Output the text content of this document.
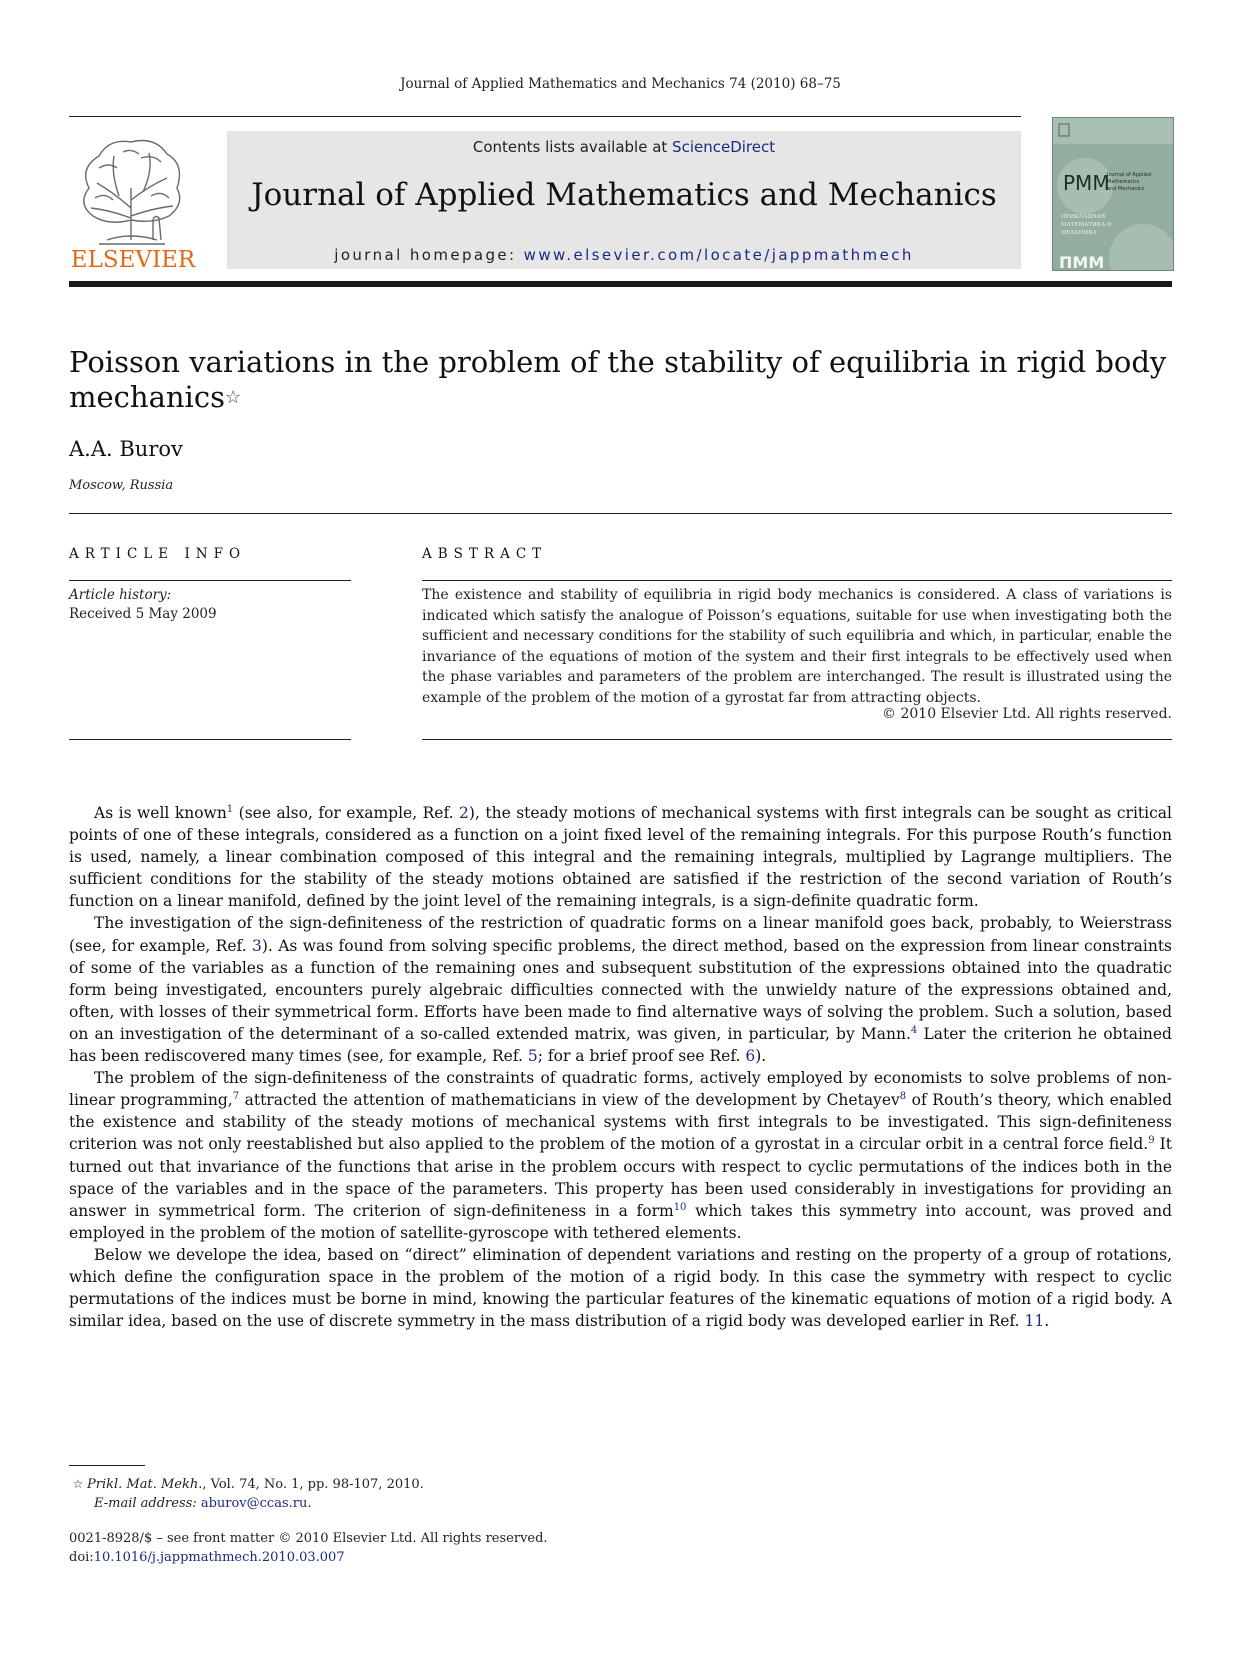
Journal of Applied Mathematics and Mechanics 74 (2010) 68–75
ELSEVIER
Contents lists available at ScienceDirect
Journal of Applied Mathematics and Mechanics
journal homepage: www.elsevier.com/locate/jappmathmech
PMM
Journal of Applied
Mathematics
and Mechanics
ПРИКЛАДНАЯ
МАТЕМАТИКА И
МЕХАНИКА
ПММ
Poisson variations in the problem of the stability of equilibria in rigid body mechanics☆
A.A. Burov
Moscow, Russia
ARTICLE INFO	ABSTRACT
Article history:
Received 5 May 2009

The existence and stability of equilibria in rigid body mechanics is considered. A class of variations is indicated which satisfy the analogue of Poisson’s equations, suitable for use when investigating both the sufficient and necessary conditions for the stability of such equilibria and which, in particular, enable the invariance of the equations of motion of the system and their first integrals to be effectively used when the phase variables and parameters of the problem are interchanged. The result is illustrated using the example of the problem of the motion of a gyrostat far from attracting objects.

© 2010 Elsevier Ltd. All rights reserved.

As is well known$^1$ (see also, for example, Ref. 2), the steady motions of mechanical systems with first integrals can be sought as critical points of one of these integrals, considered as a function on a joint fixed level of the remaining integrals. For this purpose Routh’s function is used, namely, a linear combination composed of this integral and the remaining integrals, multiplied by Lagrange multipliers. The sufficient conditions for the stability of the steady motions obtained are satisfied if the restriction of the second variation of Routh’s function on a linear manifold, defined by the joint level of the remaining integrals, is a sign-definite quadratic form.

The investigation of the sign-definiteness of the restriction of quadratic forms on a linear manifold goes back, probably, to Weierstrass (see, for example, Ref. 3). As was found from solving specific problems, the direct method, based on the expression from linear constraints of some of the variables as a function of the remaining ones and subsequent substitution of the expressions obtained into the quadratic form being investigated, encounters purely algebraic difficulties connected with the unwieldy nature of the expressions obtained and, often, with losses of their symmetrical form. Efforts have been made to find alternative ways of solving the problem. Such a solution, based on an investigation of the determinant of a so-called extended matrix, was given, in particular, by Mann.$^4$ Later the criterion he obtained has been rediscovered many times (see, for example, Ref. 5; for a brief proof see Ref. 6).

The problem of the sign-definiteness of the constraints of quadratic forms, actively employed by economists to solve problems of non-linear programming,$^7$ attracted the attention of mathematicians in view of the development by Chetayev$^8$ of Routh’s theory, which enabled the existence and stability of the steady motions of mechanical systems with first integrals to be investigated. This sign-definiteness criterion was not only reestablished but also applied to the problem of the motion of a gyrostat in a circular orbit in a central force field.$^9$ It turned out that invariance of the functions that arise in the problem occurs with respect to cyclic permutations of the indices both in the space of the variables and in the space of the parameters. This property has been used considerably in investigations for providing an answer in symmetrical form. The criterion of sign-definiteness in a form$^{10}$ which takes this symmetry into account, was proved and employed in the problem of the motion of satellite-gyroscope with tethered elements.

Below we develope the idea, based on “direct” elimination of dependent variations and resting on the property of a group of rotations, which define the configuration space in the problem of the motion of a rigid body. In this case the symmetry with respect to cyclic permutations of the indices must be borne in mind, knowing the particular features of the kinematic equations of motion of a rigid body. A similar idea, based on the use of discrete symmetry in the mass distribution of a rigid body was developed earlier in Ref. 11.

☆ Prikl. Mat. Mekh., Vol. 74, No. 1, pp. 98-107, 2010.
E-mail address: aburov@ccas.ru.
0021-8928/$ – see front matter © 2010 Elsevier Ltd. All rights reserved.
doi:10.1016/j.jappmathmech.2010.03.007
